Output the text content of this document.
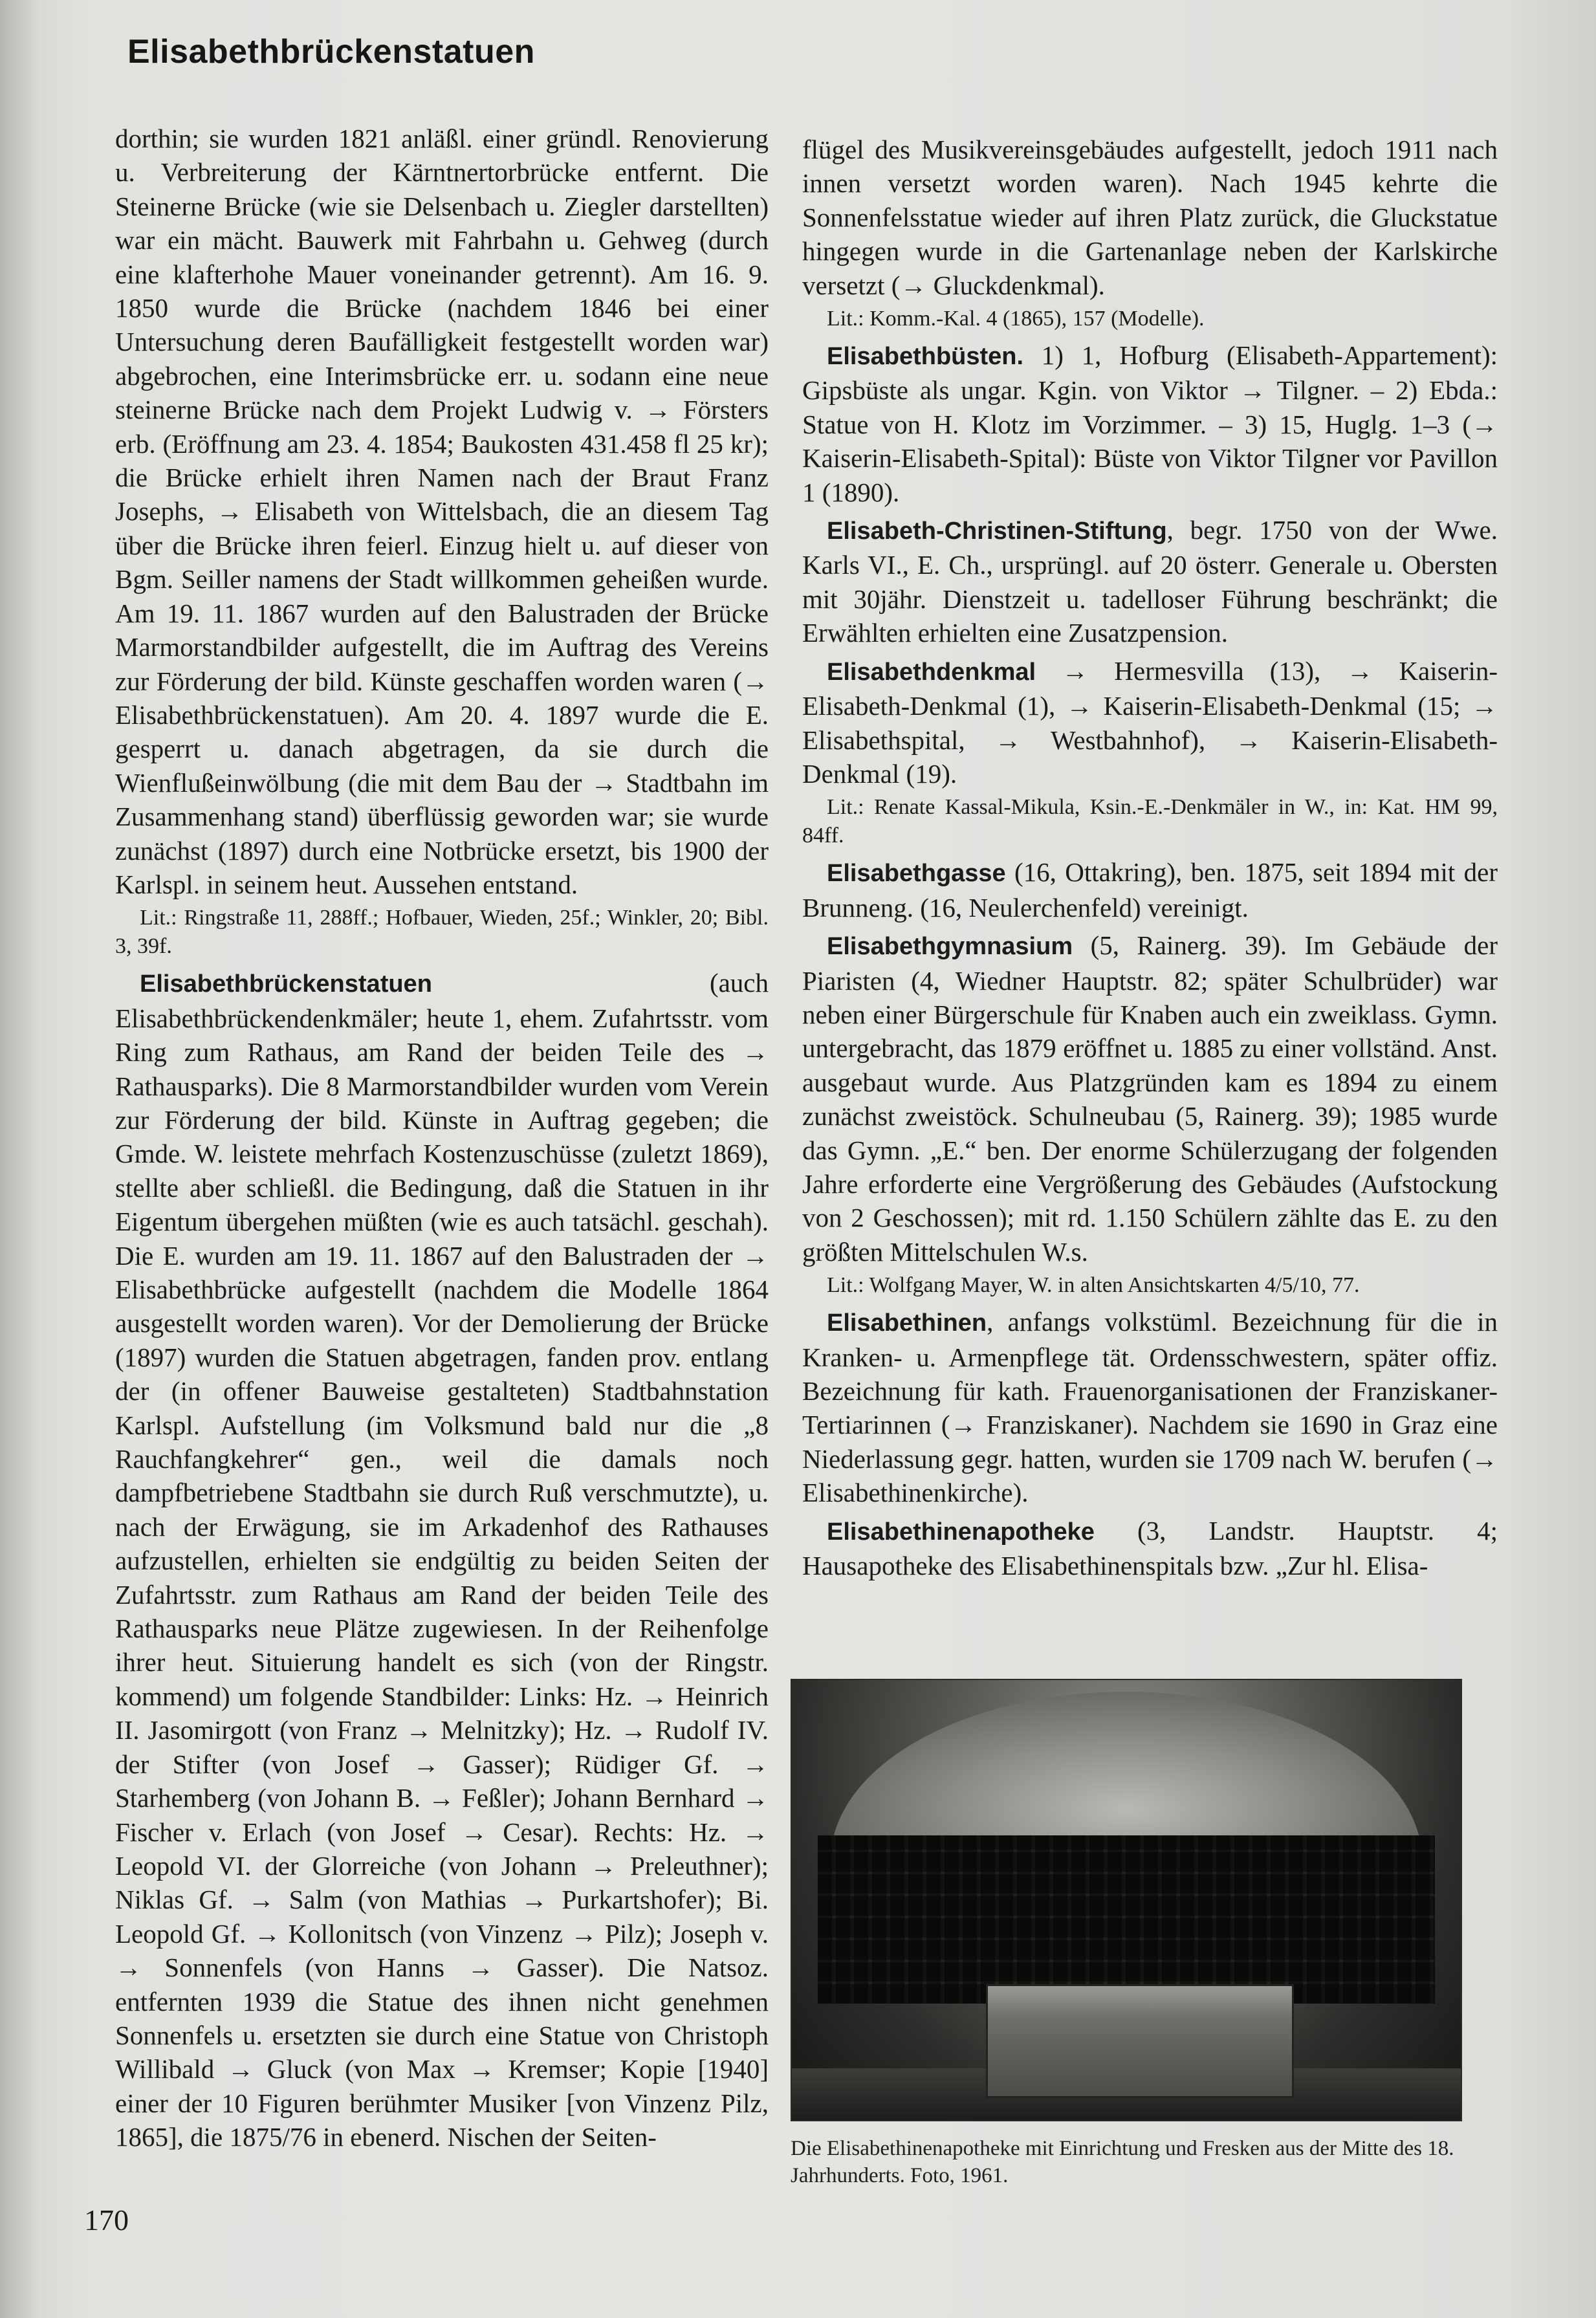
Elisabethbrückenstatuen

dorthin; sie wurden 1821 anläßl. einer gründl. Renovierung u. Verbreiterung der Kärntnertorbrücke entfernt. Die Steinerne Brücke (wie sie Delsenbach u. Ziegler darstellten) war ein mächt. Bauwerk mit Fahrbahn u. Gehweg (durch eine klafterhohe Mauer voneinander getrennt). Am 16. 9. 1850 wurde die Brücke (nachdem 1846 bei einer Untersuchung deren Baufälligkeit festgestellt worden war) abgebrochen, eine Interimsbrücke err. u. sodann eine neue steinerne Brücke nach dem Projekt Ludwig v. → Försters erb. (Eröffnung am 23. 4. 1854; Baukosten 431.458 fl 25 kr); die Brücke erhielt ihren Namen nach der Braut Franz Josephs, → Elisabeth von Wittelsbach, die an diesem Tag über die Brücke ihren feierl. Einzug hielt u. auf dieser von Bgm. Seiller namens der Stadt willkommen geheißen wurde. Am 19. 11. 1867 wurden auf den Balustraden der Brücke Marmorstandbilder aufgestellt, die im Auftrag des Vereins zur Förderung der bild. Künste geschaffen worden waren (→ Elisabethbrückenstatuen). Am 20. 4. 1897 wurde die E. gesperrt u. danach abgetragen, da sie durch die Wienflußeinwölbung (die mit dem Bau der → Stadtbahn im Zusammenhang stand) überflüssig geworden war; sie wurde zunächst (1897) durch eine Notbrücke ersetzt, bis 1900 der Karlspl. in seinem heut. Aussehen entstand.

Lit.: Ringstraße 11, 288ff.; Hofbauer, Wieden, 25f.; Winkler, 20; Bibl. 3, 39f.

Elisabethbrückenstatuen (auch Elisabethbrückendenkmäler; heute 1, ehem. Zufahrtsstr. vom Ring zum Rathaus, am Rand der beiden Teile des → Rathausparks). Die 8 Marmorstandbilder wurden vom Verein zur Förderung der bild. Künste in Auftrag gegeben; die Gmde. W. leistete mehrfach Kostenzuschüsse (zuletzt 1869), stellte aber schließl. die Bedingung, daß die Statuen in ihr Eigentum übergehen müßten (wie es auch tatsächl. geschah). Die E. wurden am 19. 11. 1867 auf den Balustraden der → Elisabethbrücke aufgestellt (nachdem die Modelle 1864 ausgestellt worden waren). Vor der Demolierung der Brücke (1897) wurden die Statuen abgetragen, fanden prov. entlang der (in offener Bauweise gestalteten) Stadtbahnstation Karlspl. Aufstellung (im Volksmund bald nur die „8 Rauchfangkehrer“ gen., weil die damals noch dampfbetriebene Stadtbahn sie durch Ruß verschmutzte), u. nach der Erwägung, sie im Arkadenhof des Rathauses aufzustellen, erhielten sie endgültig zu beiden Seiten der Zufahrtsstr. zum Rathaus am Rand der beiden Teile des Rathausparks neue Plätze zugewiesen. In der Reihenfolge ihrer heut. Situierung handelt es sich (von der Ringstr. kommend) um folgende Standbilder: Links: Hz. → Heinrich II. Jasomirgott (von Franz → Melnitzky); Hz. → Rudolf IV. der Stifter (von Josef → Gasser); Rüdiger Gf. → Starhemberg (von Johann B. → Feßler); Johann Bernhard → Fischer v. Erlach (von Josef → Cesar). Rechts: Hz. → Leopold VI. der Glorreiche (von Johann → Preleuthner); Niklas Gf. → Salm (von Mathias → Purkartshofer); Bi. Leopold Gf. → Kollonitsch (von Vinzenz → Pilz); Joseph v. → Sonnenfels (von Hanns → Gasser). Die Natsoz. entfernten 1939 die Statue des ihnen nicht genehmen Sonnenfels u. ersetzten sie durch eine Statue von Christoph Willibald → Gluck (von Max → Kremser; Kopie [1940] einer der 10 Figuren berühmter Musiker [von Vinzenz Pilz, 1865], die 1875/76 in ebenerd. Nischen der Seiten-

flügel des Musikvereinsgebäudes aufgestellt, jedoch 1911 nach innen versetzt worden waren). Nach 1945 kehrte die Sonnenfelsstatue wieder auf ihren Platz zurück, die Gluckstatue hingegen wurde in die Gartenanlage neben der Karlskirche versetzt (→ Gluckdenkmal).

Lit.: Komm.-Kal. 4 (1865), 157 (Modelle).

Elisabethbüsten. 1) 1, Hofburg (Elisabeth-Appartement): Gipsbüste als ungar. Kgin. von Viktor → Tilgner. – 2) Ebda.: Statue von H. Klotz im Vorzimmer. – 3) 15, Huglg. 1–3 (→ Kaiserin-Elisabeth-Spital): Büste von Viktor Tilgner vor Pavillon 1 (1890).

Elisabeth-Christinen-Stiftung, begr. 1750 von der Wwe. Karls VI., E. Ch., ursprüngl. auf 20 österr. Generale u. Obersten mit 30jähr. Dienstzeit u. tadelloser Führung beschränkt; die Erwählten erhielten eine Zusatzpension.

Elisabethdenkmal → Hermesvilla (13), → Kaiserin-Elisabeth-Denkmal (1), → Kaiserin-Elisabeth-Denkmal (15; → Elisabethspital, → Westbahnhof), → Kaiserin-Elisabeth-Denkmal (19).

Lit.: Renate Kassal-Mikula, Ksin.-E.-Denkmäler in W., in: Kat. HM 99, 84ff.

Elisabethgasse (16, Ottakring), ben. 1875, seit 1894 mit der Brunneng. (16, Neulerchenfeld) vereinigt.

Elisabethgymnasium (5, Rainerg. 39). Im Gebäude der Piaristen (4, Wiedner Hauptstr. 82; später Schulbrüder) war neben einer Bürgerschule für Knaben auch ein zweiklass. Gymn. untergebracht, das 1879 eröffnet u. 1885 zu einer vollständ. Anst. ausgebaut wurde. Aus Platzgründen kam es 1894 zu einem zunächst zweistöck. Schulneubau (5, Rainerg. 39); 1985 wurde das Gymn. „E.“ ben. Der enorme Schülerzugang der folgenden Jahre erforderte eine Vergrößerung des Gebäudes (Aufstockung von 2 Geschossen); mit rd. 1.150 Schülern zählte das E. zu den größten Mittelschulen W.s.

Lit.: Wolfgang Mayer, W. in alten Ansichtskarten 4/5/10, 77.

Elisabethinen, anfangs volkstüml. Bezeichnung für die in Kranken- u. Armenpflege tät. Ordensschwestern, später offiz. Bezeichnung für kath. Frauenorganisationen der Franziskaner-Tertiarinnen (→ Franziskaner). Nachdem sie 1690 in Graz eine Niederlassung gegr. hatten, wurden sie 1709 nach W. berufen (→ Elisabethinenkirche).

Elisabethinenapotheke (3, Landstr. Hauptstr. 4; Hausapotheke des Elisabethinenspitals bzw. „Zur hl. Elisa-

Die Elisabethinenapotheke mit Einrichtung und Fresken aus der Mitte des 18. Jahrhunderts. Foto, 1961.
170
